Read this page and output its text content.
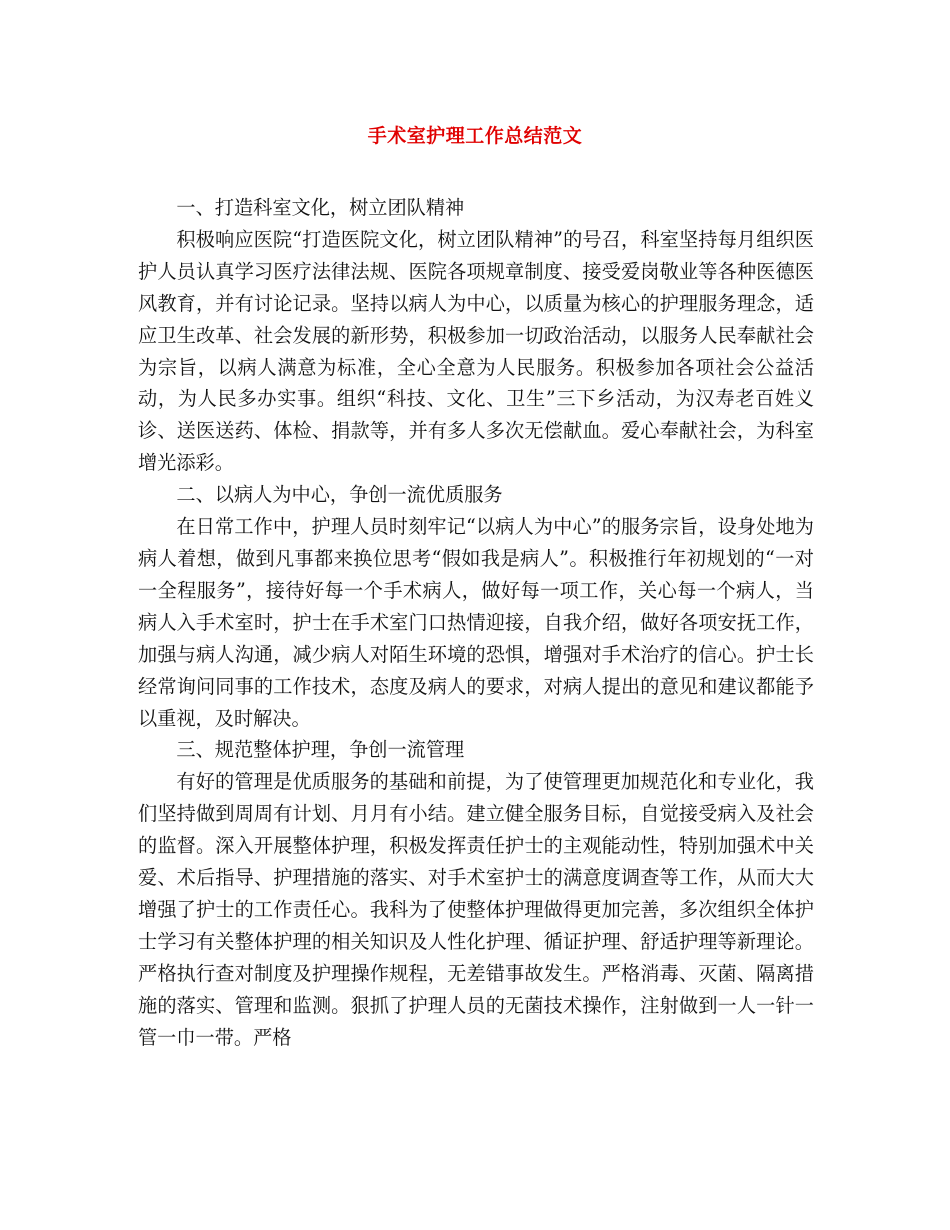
手术室护理工作总结范文

一、打造科室文化，树立团队精神

积极响应医院“打造医院文化，树立团队精神”的号召，科室坚持每月组织医护人员认真学习医疗法律法规、医院各项规章制度、接受爱岗敬业等各种医德医风教育，并有讨论记录。坚持以病人为中心，以质量为核心的护理服务理念，适应卫生改革、社会发展的新形势，积极参加一切政治活动，以服务人民奉献社会为宗旨，以病人满意为标准，全心全意为人民服务。积极参加各项社会公益活动，为人民多办实事。组织“科技、文化、卫生”三下乡活动，为汉寿老百姓义诊、送医送药、体检、捐款等，并有多人多次无偿献血。爱心奉献社会，为科室增光添彩。

二、以病人为中心，争创一流优质服务

在日常工作中，护理人员时刻牢记“以病人为中心”的服务宗旨，设身处地为病人着想，做到凡事都来换位思考“假如我是病人”。积极推行年初规划的“一对一全程服务”，接待好每一个手术病人，做好每一项工作，关心每一个病人，当病人入手术室时，护士在手术室门口热情迎接，自我介绍，做好各项安抚工作，加强与病人沟通，减少病人对陌生环境的恐惧，增强对手术治疗的信心。护士长经常询问同事的工作技术，态度及病人的要求，对病人提出的意见和建议都能予以重视，及时解决。

三、规范整体护理，争创一流管理

有好的管理是优质服务的基础和前提，为了使管理更加规范化和专业化，我们坚持做到周周有计划、月月有小结。建立健全服务目标，自觉接受病入及社会的监督。深入开展整体护理，积极发挥责任护士的主观能动性，特别加强术中关爱、术后指导、护理措施的落实、对手术室护士的满意度调查等工作，从而大大增强了护士的工作责任心。我科为了使整体护理做得更加完善，多次组织全体护士学习有关整体护理的相关知识及人性化护理、循证护理、舒适护理等新理论。严格执行查对制度及护理操作规程，无差错事故发生。严格消毒、灭菌、隔离措施的落实、管理和监测。狠抓了护理人员的无菌技术操作，注射做到一人一针一管一巾一带。严格
